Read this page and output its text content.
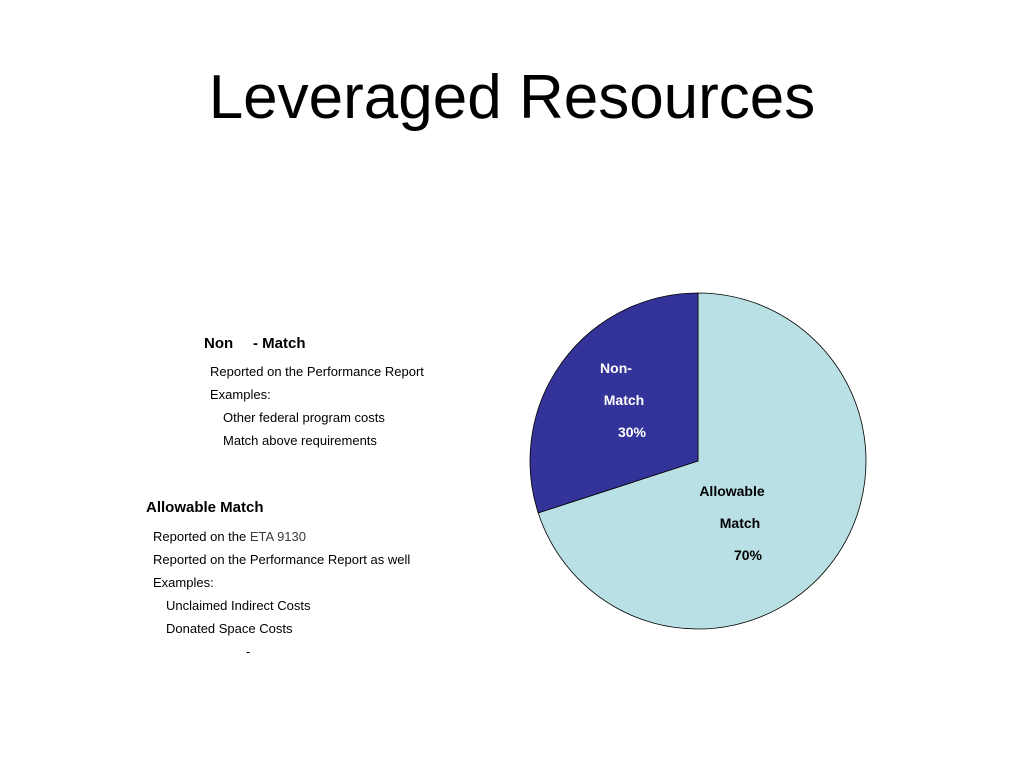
Leveraged Resources
Non - Match
Reported on the Performance Report
Examples:
Other federal program costs
Match above requirements
Allowable Match
Reported on the ETA 9130
Reported on the Performance Report as well
Examples:
Unclaimed Indirect Costs
Donated Space Costs
-
Allowable Match 70%
Non-Match 30%
